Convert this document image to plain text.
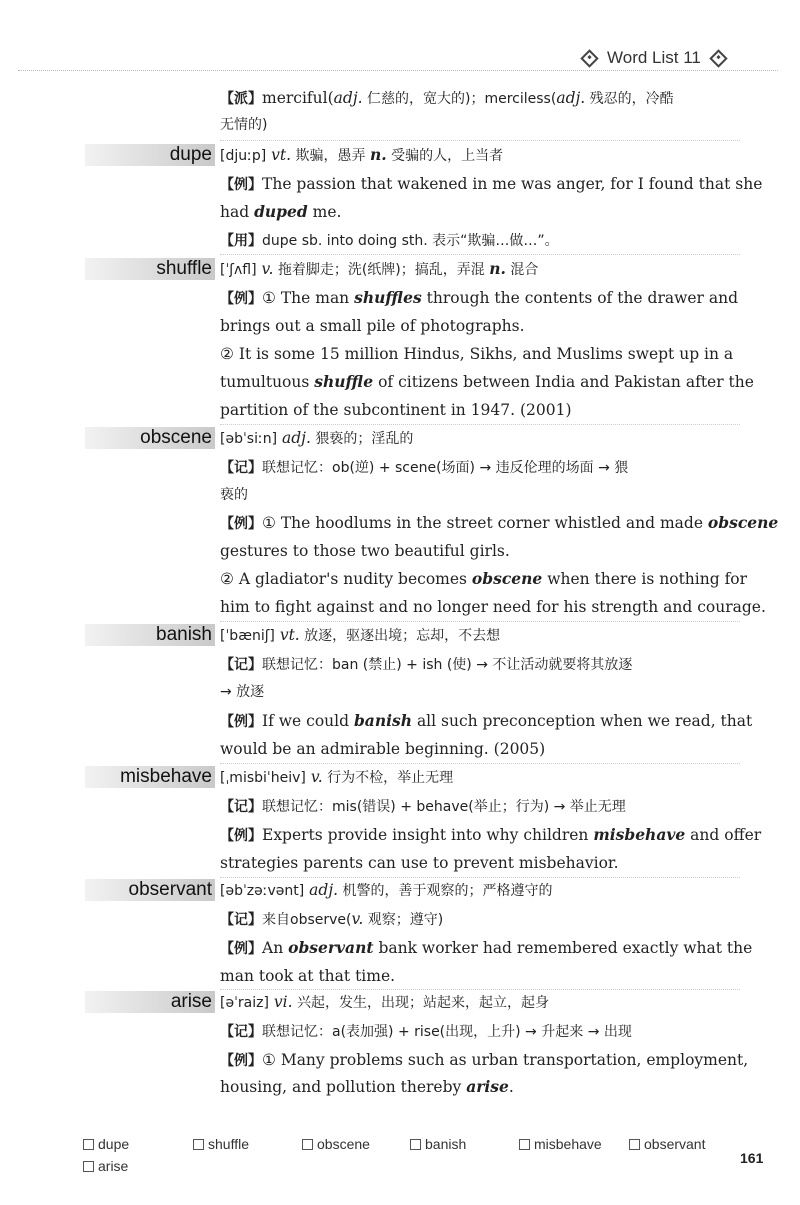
Word List 11
【派】merciful(adj. 仁慈的，宽大的)；merciless(adj. 残忍的，冷酷
无情的)
dupe [djuːp] vt. 欺骗，愚弄 n. 受骗的人，上当者
【例】The passion that wakened in me was anger, for I found that she
had duped me.
【用】dupe sb. into doing sth. 表示“欺骗…做…”。
shuffle [ˈʃʌfl] v. 拖着脚走；洗(纸牌)；搞乱，弄混 n. 混合
【例】① The man shuffles through the contents of the drawer and
brings out a small pile of photographs.
② It is some 15 million Hindus, Sikhs, and Muslims swept up in a
tumultuous shuffle of citizens between India and Pakistan after the
partition of the subcontinent in 1947. (2001)
obscene [əbˈsiːn] adj. 猥亵的；淫乱的
【记】联想记忆：ob(逆) + scene(场面) → 违反伦理的场面 → 猥
亵的
【例】① The hoodlums in the street corner whistled and made obscene
gestures to those two beautiful girls.
② A gladiator's nudity becomes obscene when there is nothing for
him to fight against and no longer need for his strength and courage.
banish [ˈbæniʃ] vt. 放逐，驱逐出境；忘却，不去想
【记】联想记忆：ban (禁止) + ish (使) → 不让活动就要将其放逐
→ 放逐
【例】If we could banish all such preconception when we read, that
would be an admirable beginning. (2005)
misbehave [ˌmisbiˈheiv] v. 行为不检，举止无理
【记】联想记忆：mis(错误) + behave(举止；行为) → 举止无理
【例】Experts provide insight into why children misbehave and offer
strategies parents can use to prevent misbehavior.
observant [əbˈzəːvənt] adj. 机警的，善于观察的；严格遵守的
【记】来自observe(v. 观察；遵守)
【例】An observant bank worker had remembered exactly what the
man took at that time.
arise [əˈraiz] vi. 兴起，发生，出现；站起来，起立，起身
【记】联想记忆：a(表加强) + rise(出现，上升) → 升起来 → 出现
【例】① Many problems such as urban transportation, employment,
housing, and pollution thereby arise.
dupe	shuffle	obscene	banish	misbehave	observant
arise	161
